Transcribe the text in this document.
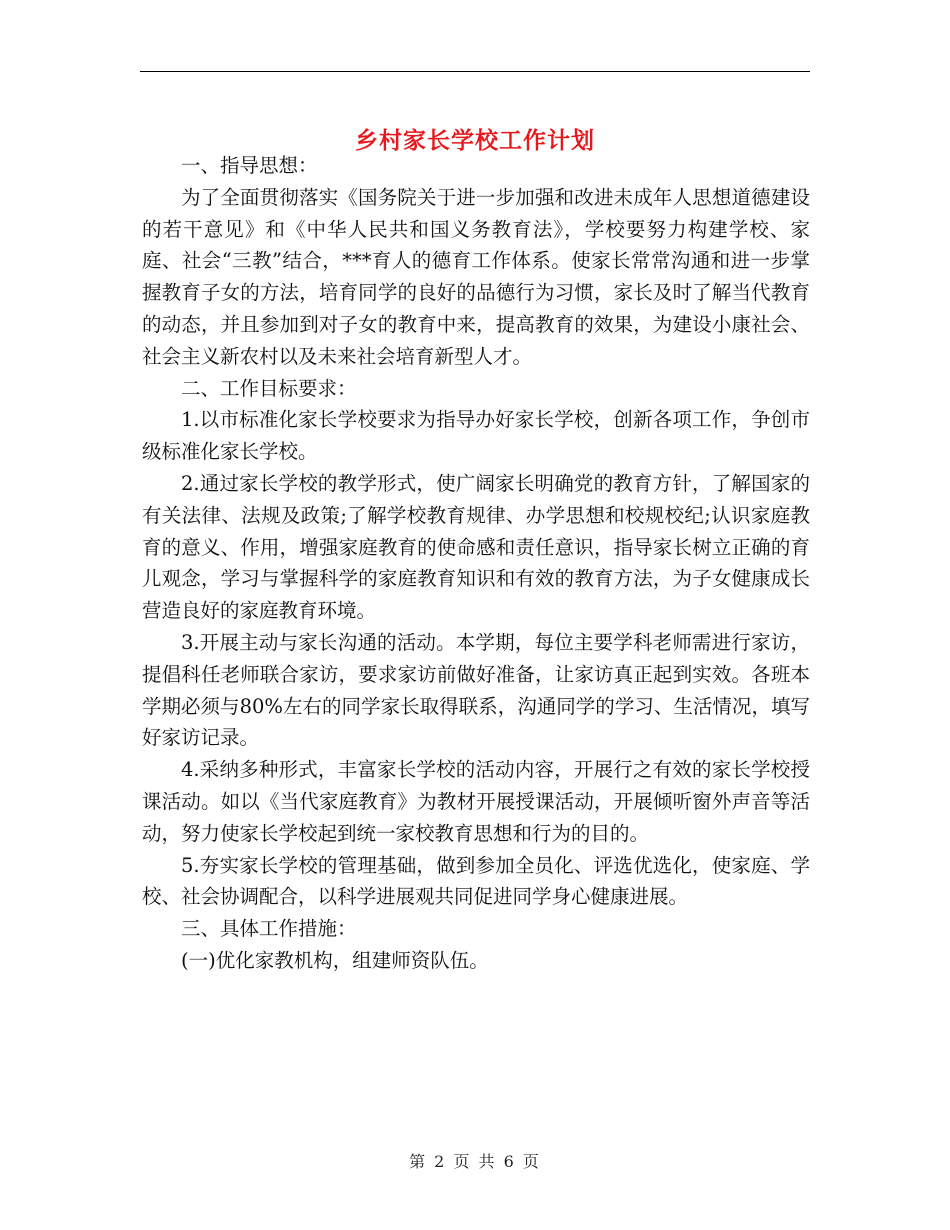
乡村家长学校工作计划

一、指导思想：

为了全面贯彻落实《国务院关于进一步加强和改进未成年人思想道德建设的若干意见》和《中华人民共和国义务教育法》，学校要努力构建学校、家庭、社会“三教”结合，***育人的德育工作体系。使家长常常沟通和进一步掌握教育子女的方法，培育同学的良好的品德行为习惯，家长及时了解当代教育的动态，并且参加到对子女的教育中来，提高教育的效果，为建设小康社会、社会主义新农村以及未来社会培育新型人才。

二、工作目标要求：

1.以市标准化家长学校要求为指导办好家长学校，创新各项工作，争创市级标准化家长学校。

2.通过家长学校的教学形式，使广阔家长明确党的教育方针，了解国家的有关法律、法规及政策;了解学校教育规律、办学思想和校规校纪;认识家庭教育的意义、作用，增强家庭教育的使命感和责任意识，指导家长树立正确的育儿观念，学习与掌握科学的家庭教育知识和有效的教育方法，为子女健康成长营造良好的家庭教育环境。

3.开展主动与家长沟通的活动。本学期，每位主要学科老师需进行家访，提倡科任老师联合家访，要求家访前做好准备，让家访真正起到实效。各班本学期必须与80%左右的同学家长取得联系，沟通同学的学习、生活情况，填写好家访记录。

4.采纳多种形式，丰富家长学校的活动内容，开展行之有效的家长学校授课活动。如以《当代家庭教育》为教材开展授课活动，开展倾听窗外声音等活动，努力使家长学校起到统一家校教育思想和行为的目的。

5.夯实家长学校的管理基础，做到参加全员化、评选优选化，使家庭、学校、社会协调配合，以科学进展观共同促进同学身心健康进展。

三、具体工作措施：

(一)优化家教机构，组建师资队伍。

第 2 页 共 6 页
